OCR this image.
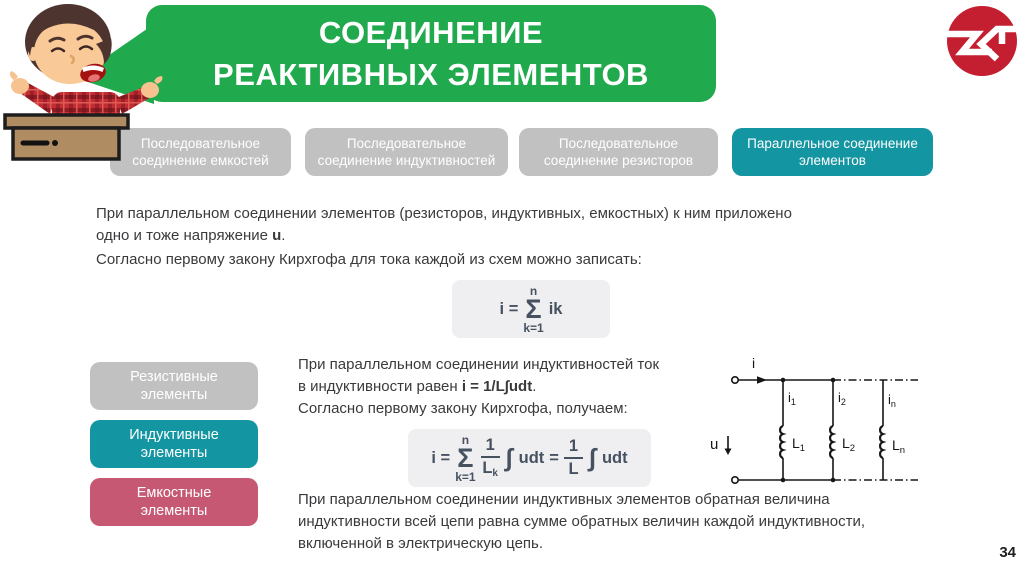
СОЕДИНЕНИЕ
РЕАКТИВНЫХ ЭЛЕМЕНТОВ
Последовательное соединение емкостей
Последовательное соединение индуктивностей
Последовательное соединение резисторов
Параллельное соединение элементов
При параллельном соединении элементов (резисторов, индуктивных, емкостных) к ним приложено
одно и тоже напряжение u.
Согласно первому закону Кирхгофа для тока каждой из схем можно записать:
i =
n
Σ
k=1
ik
Резистивные элементы
Индуктивные элементы
Емкостные элементы
При параллельном соединении индуктивностей ток
в индуктивности равен i = 1/L∫udt.
Согласно первому закону Кирхгофа, получаем:
i =
n
Σ
$k=1 \frac{1}{L_k}$ ∫ udt = $\frac{1}{L}$ ∫ udt
При параллельном соединении индуктивных элементов обратная величина
индуктивности всей цепи равна сумме обратных величин каждой индуктивности,
включенной в электрическую цепь.
i
u
$i_1$	$i_2$	$i_n$
$L_1$	$L_2$	$L_n$
34
